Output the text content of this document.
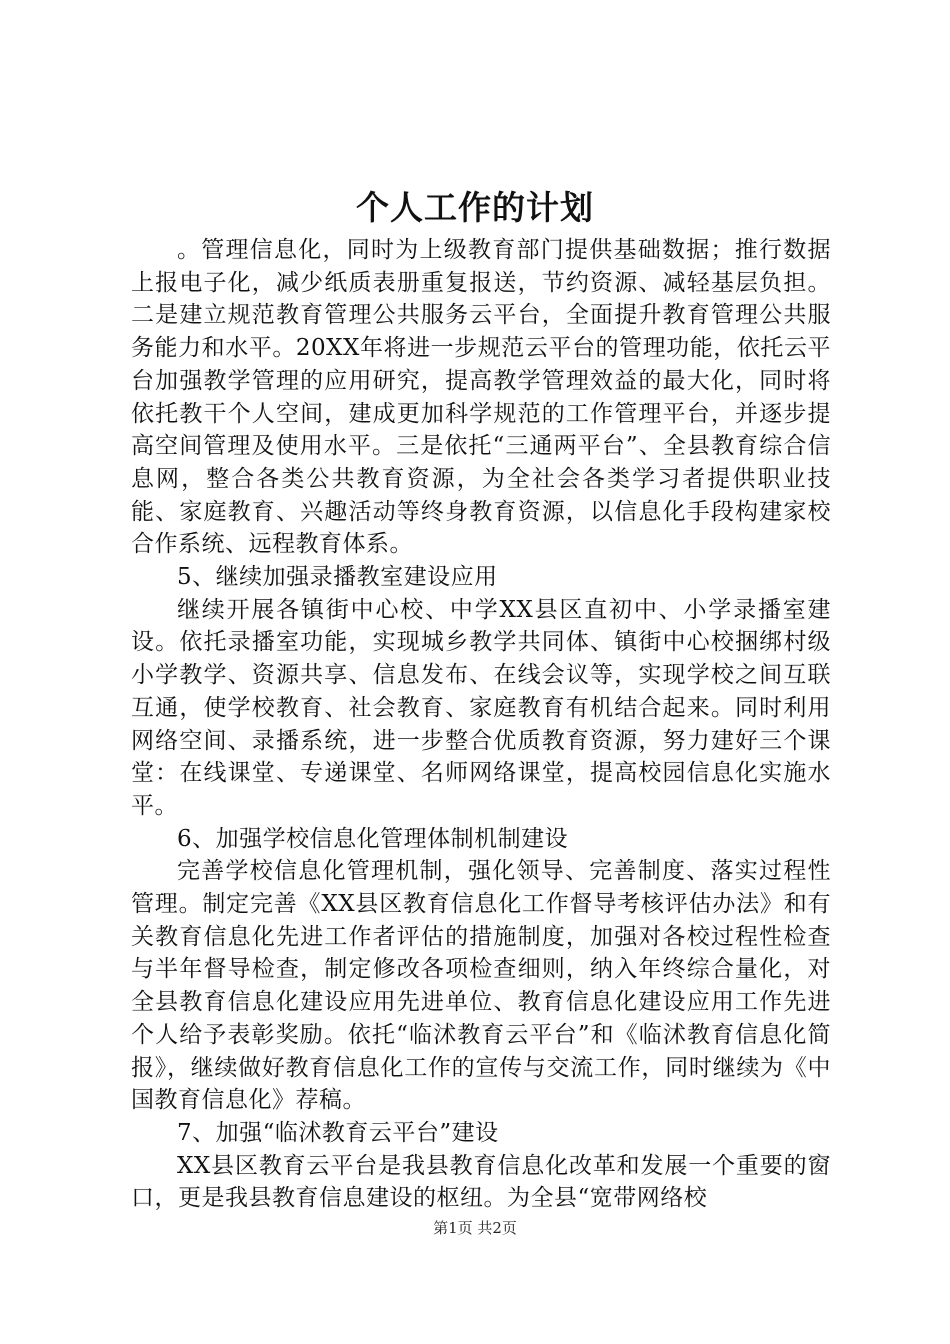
个人工作的计划

。管理信息化，同时为上级教育部门提供基础数据；推行数据上报电子化，减少纸质表册重复报送，节约资源、减轻基层负担。二是建立规范教育管理公共服务云平台，全面提升教育管理公共服务能力和水平。20XX年将进一步规范云平台的管理功能，依托云平台加强教学管理的应用研究，提高教学管理效益的最大化，同时将依托教干个人空间，建成更加科学规范的工作管理平台，并逐步提高空间管理及使用水平。三是依托“三通两平台”、全县教育综合信息网，整合各类公共教育资源，为全社会各类学习者提供职业技能、家庭教育、兴趣活动等终身教育资源，以信息化手段构建家校合作系统、远程教育体系。

5、继续加强录播教室建设应用

继续开展各镇街中心校、中学XX县区直初中、小学录播室建设。依托录播室功能，实现城乡教学共同体、镇街中心校捆绑村级小学教学、资源共享、信息发布、在线会议等，实现学校之间互联互通，使学校教育、社会教育、家庭教育有机结合起来。同时利用网络空间、录播系统，进一步整合优质教育资源，努力建好三个课堂：在线课堂、专递课堂、名师网络课堂，提高校园信息化实施水平。

6、加强学校信息化管理体制机制建设

完善学校信息化管理机制，强化领导、完善制度、落实过程性管理。制定完善《XX县区教育信息化工作督导考核评估办法》和有关教育信息化先进工作者评估的措施制度，加强对各校过程性检查与半年督导检查，制定修改各项检查细则，纳入年终综合量化，对全县教育信息化建设应用先进单位、教育信息化建设应用工作先进个人给予表彰奖励。依托“临沭教育云平台”和《临沭教育信息化简报》，继续做好教育信息化工作的宣传与交流工作，同时继续为《中国教育信息化》荐稿。

7、加强“临沭教育云平台”建设

XX县区教育云平台是我县教育信息化改革和发展一个重要的窗口，更是我县教育信息建设的枢纽。为全县“宽带网络校

第1页 共2页
